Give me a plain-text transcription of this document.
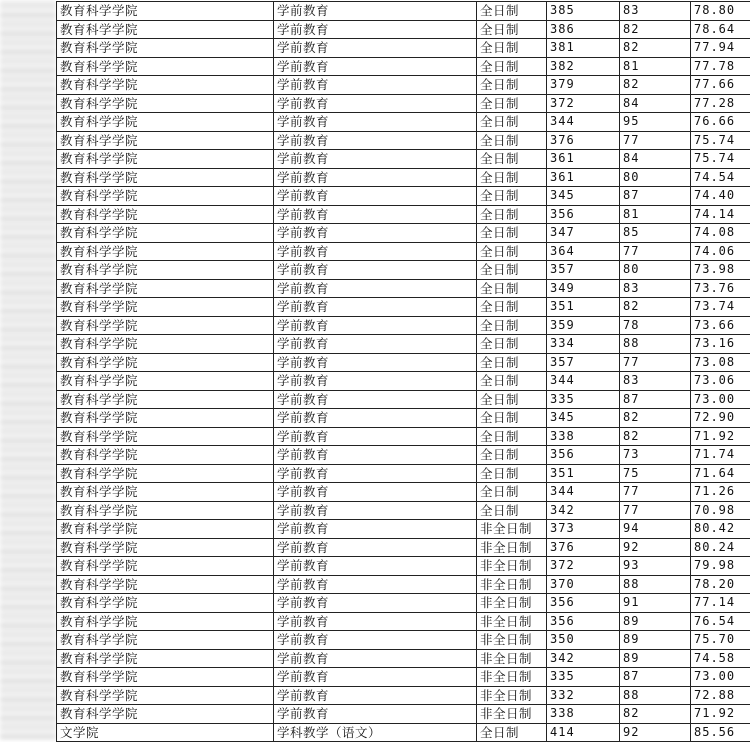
教育科学学院	学前教育	全日制	385	83	78.80
教育科学学院	学前教育	全日制	386	82	78.64
教育科学学院	学前教育	全日制	381	82	77.94
教育科学学院	学前教育	全日制	382	81	77.78
教育科学学院	学前教育	全日制	379	82	77.66
教育科学学院	学前教育	全日制	372	84	77.28
教育科学学院	学前教育	全日制	344	95	76.66
教育科学学院	学前教育	全日制	376	77	75.74
教育科学学院	学前教育	全日制	361	84	75.74
教育科学学院	学前教育	全日制	361	80	74.54
教育科学学院	学前教育	全日制	345	87	74.40
教育科学学院	学前教育	全日制	356	81	74.14
教育科学学院	学前教育	全日制	347	85	74.08
教育科学学院	学前教育	全日制	364	77	74.06
教育科学学院	学前教育	全日制	357	80	73.98
教育科学学院	学前教育	全日制	349	83	73.76
教育科学学院	学前教育	全日制	351	82	73.74
教育科学学院	学前教育	全日制	359	78	73.66
教育科学学院	学前教育	全日制	334	88	73.16
教育科学学院	学前教育	全日制	357	77	73.08
教育科学学院	学前教育	全日制	344	83	73.06
教育科学学院	学前教育	全日制	335	87	73.00
教育科学学院	学前教育	全日制	345	82	72.90
教育科学学院	学前教育	全日制	338	82	71.92
教育科学学院	学前教育	全日制	356	73	71.74
教育科学学院	学前教育	全日制	351	75	71.64
教育科学学院	学前教育	全日制	344	77	71.26
教育科学学院	学前教育	全日制	342	77	70.98
教育科学学院	学前教育	非全日制	373	94	80.42
教育科学学院	学前教育	非全日制	376	92	80.24
教育科学学院	学前教育	非全日制	372	93	79.98
教育科学学院	学前教育	非全日制	370	88	78.20
教育科学学院	学前教育	非全日制	356	91	77.14
教育科学学院	学前教育	非全日制	356	89	76.54
教育科学学院	学前教育	非全日制	350	89	75.70
教育科学学院	学前教育	非全日制	342	89	74.58
教育科学学院	学前教育	非全日制	335	87	73.00
教育科学学院	学前教育	非全日制	332	88	72.88
教育科学学院	学前教育	非全日制	338	82	71.92
文学院	学科教学（语文）	全日制	414	92	85.56
